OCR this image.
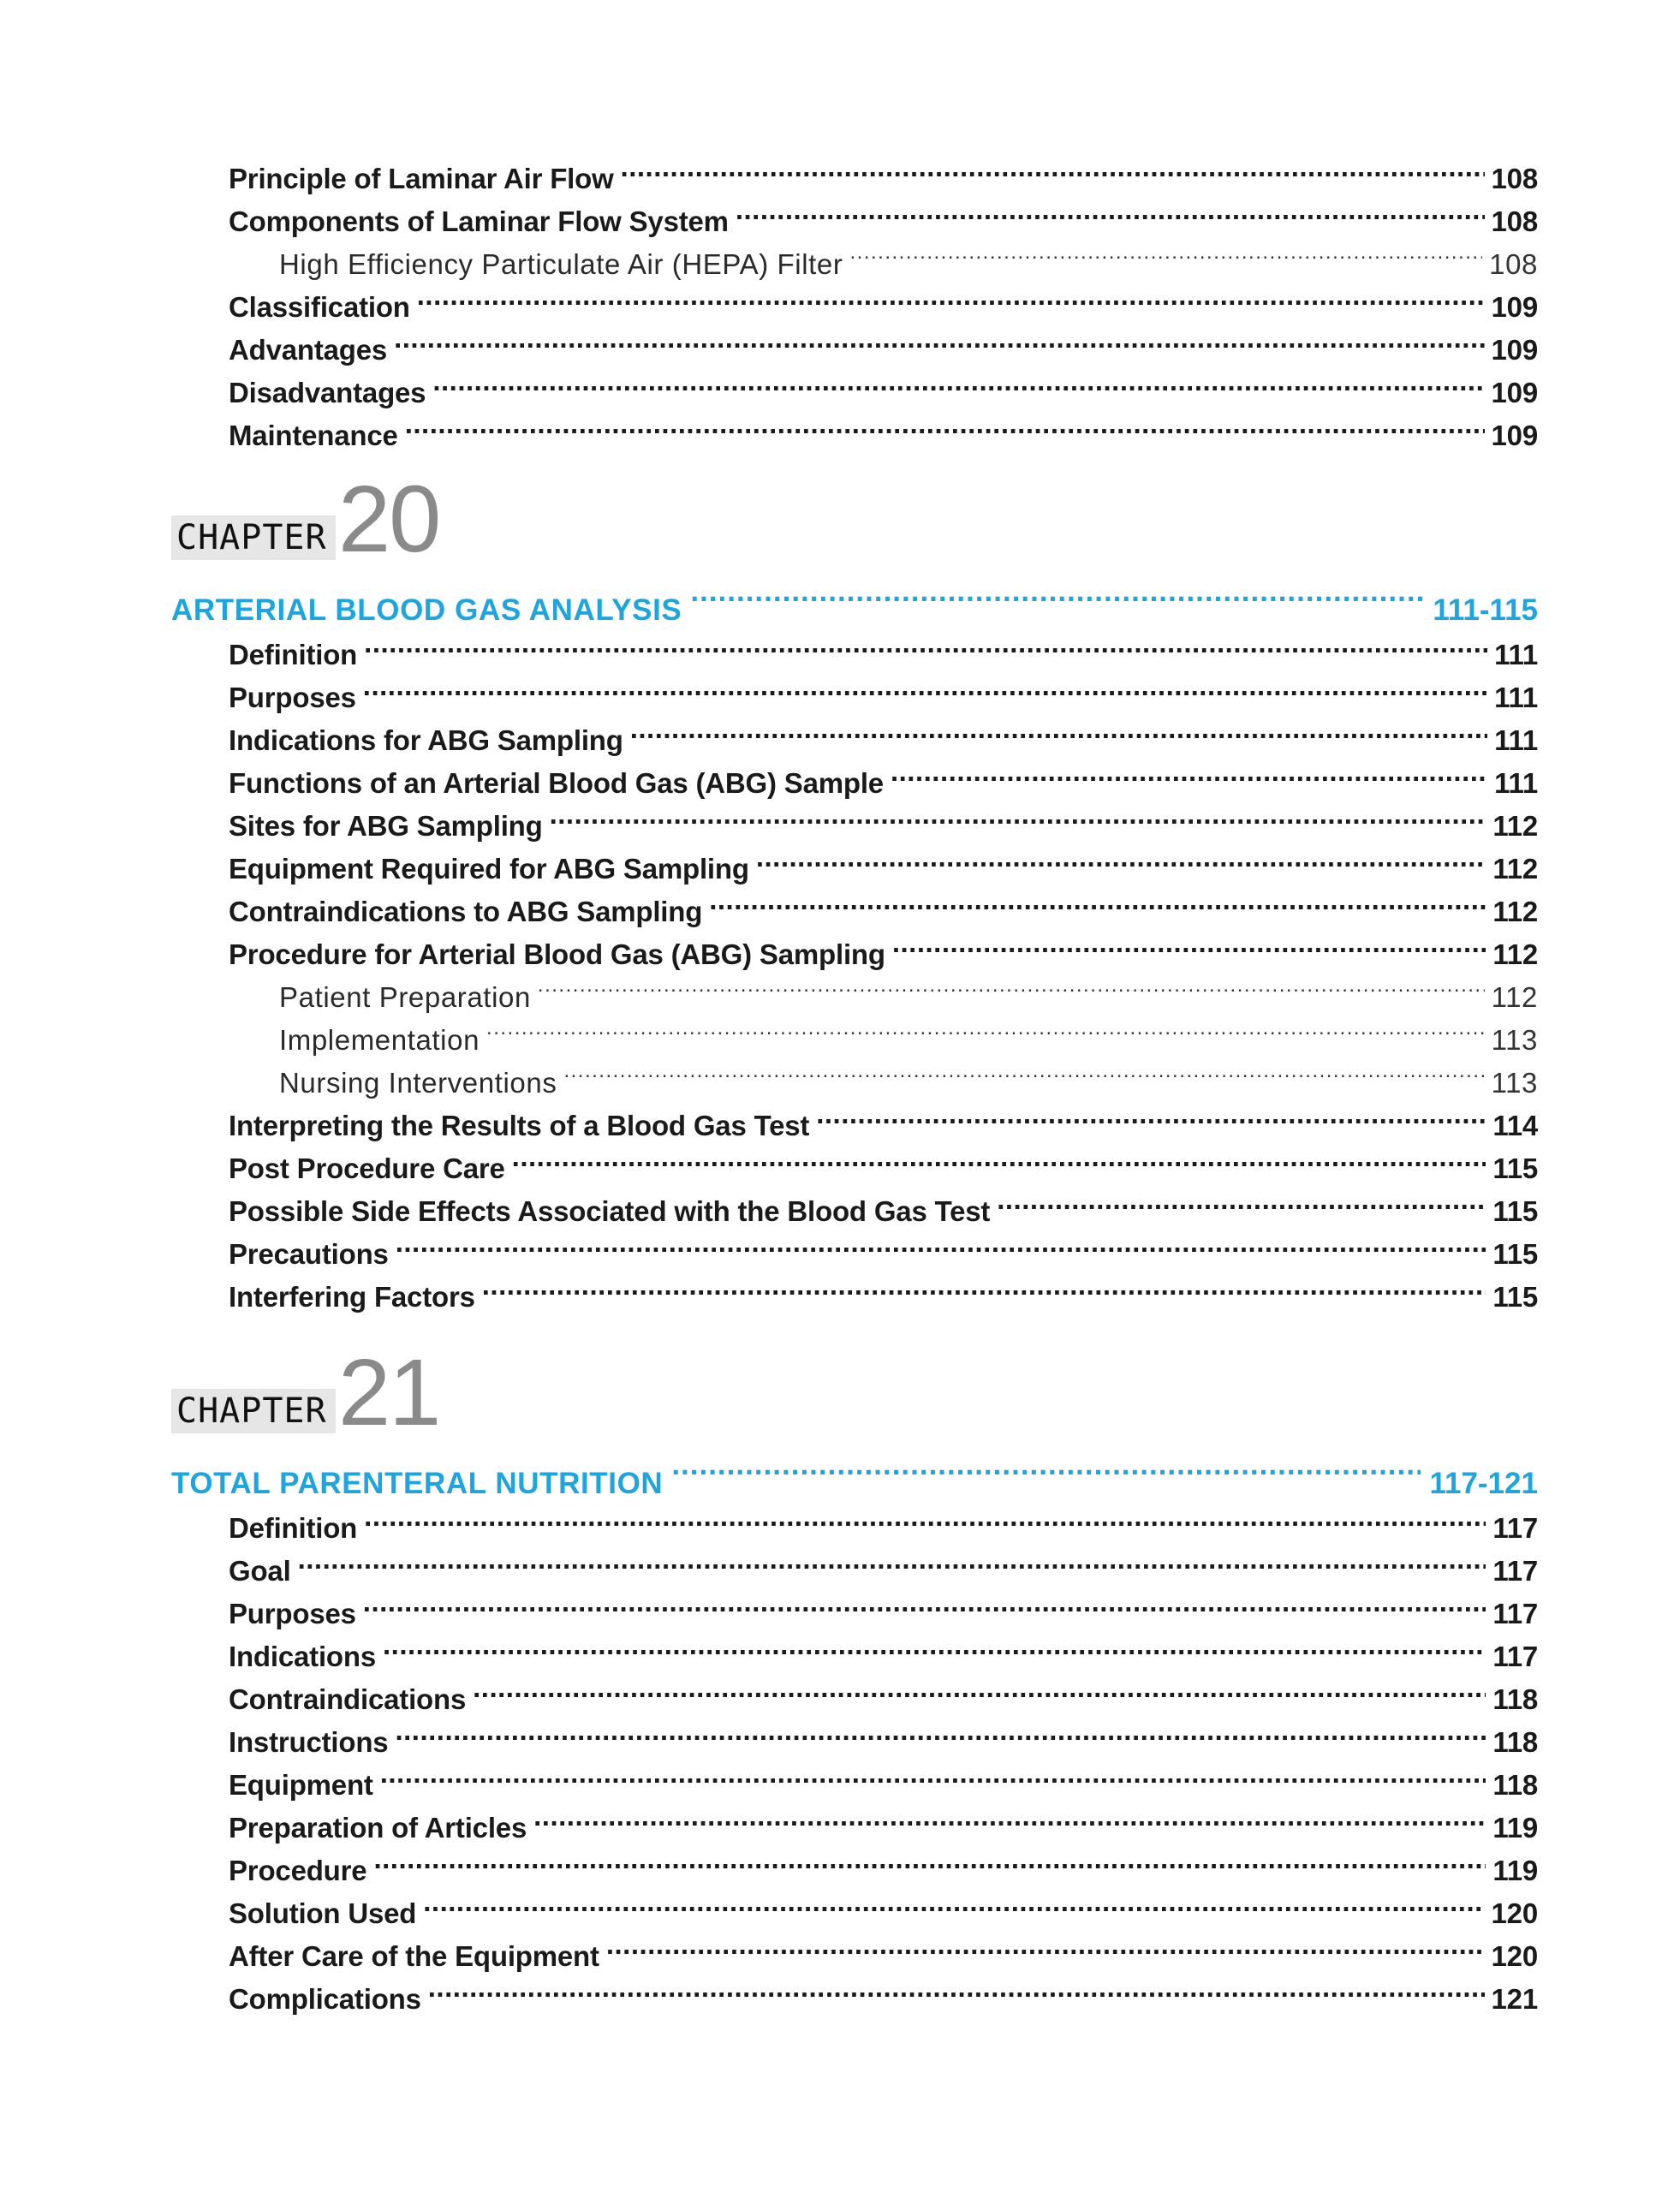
Principle of Laminar Air Flow .....	108
Components of Laminar Flow System .....	108
High Efficiency Particulate Air (HEPA) Filter .....	108
Classification .....	109
Advantages .....	109
Disadvantages .....	109
Maintenance .....	109
CHAPTER 20
ARTERIAL BLOOD GAS ANALYSIS .....	111-115
Definition .....	111
Purposes .....	111
Indications for ABG Sampling .....	111
Functions of an Arterial Blood Gas (ABG) Sample .....	111
Sites for ABG Sampling .....	112
Equipment Required for ABG Sampling .....	112
Contraindications to ABG Sampling .....	112
Procedure for Arterial Blood Gas (ABG) Sampling .....	112
Patient Preparation .....	112
Implementation .....	113
Nursing Interventions .....	113
Interpreting the Results of a Blood Gas Test .....	114
Post Procedure Care .....	115
Possible Side Effects Associated with the Blood Gas Test .....	115
Precautions .....	115
Interfering Factors .....	115
CHAPTER 21
TOTAL PARENTERAL NUTRITION .....	117-121
Definition .....	117
Goal .....	117
Purposes .....	117
Indications .....	117
Contraindications .....	118
Instructions .....	118
Equipment .....	118
Preparation of Articles .....	119
Procedure .....	119
Solution Used .....	120
After Care of the Equipment .....	120
Complications .....	121
